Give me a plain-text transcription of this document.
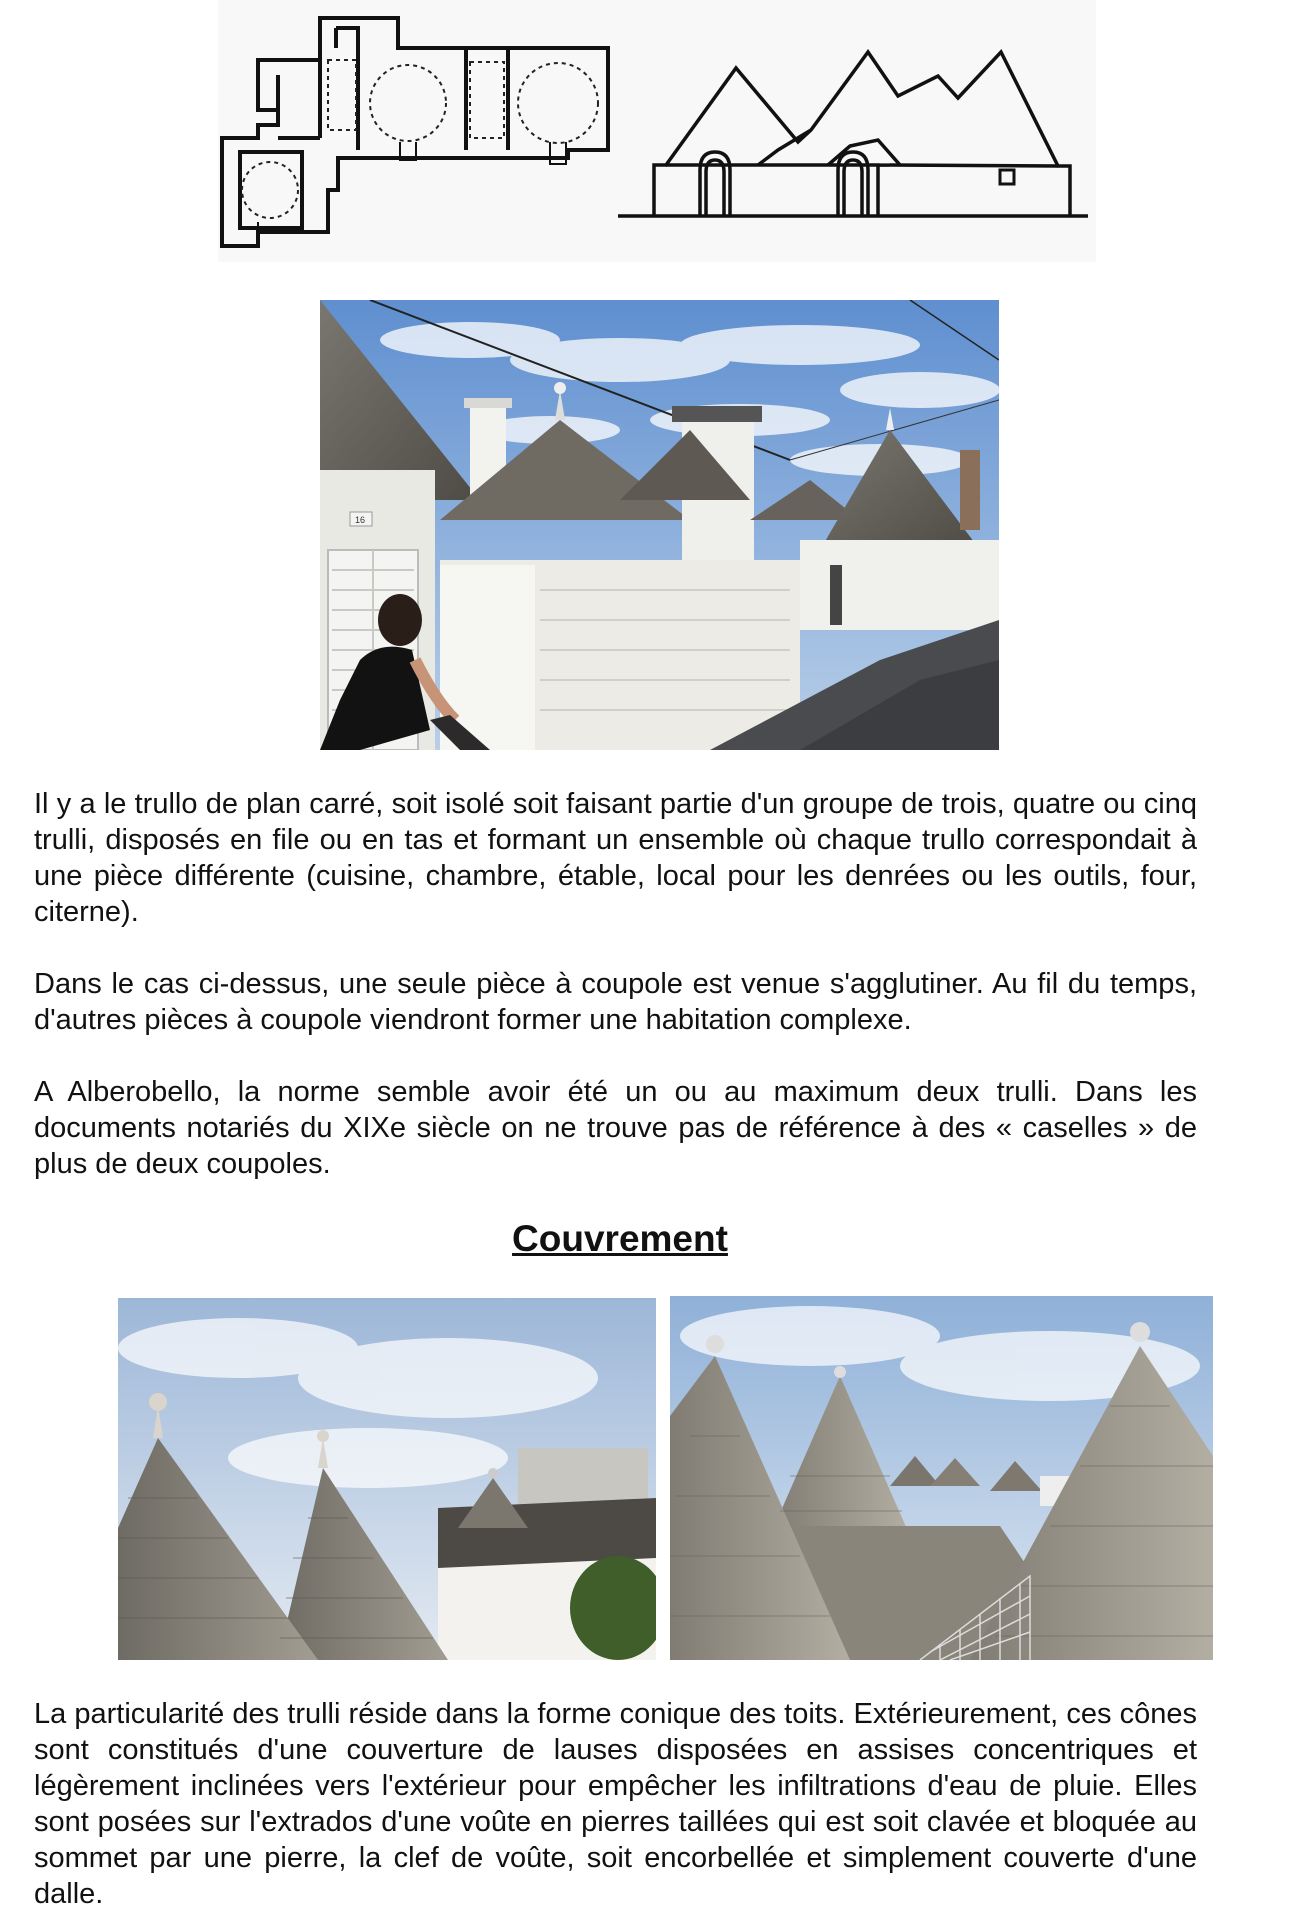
16

Il y a le trullo de plan carré, soit isolé soit faisant partie d'un groupe de trois, quatre ou cinq trulli, disposés en file ou en tas et formant un ensemble où chaque trullo correspondait à une pièce différente (cuisine, chambre, étable, local pour les denrées ou les outils, four, citerne).

Dans le cas ci-dessus, une seule pièce à coupole est venue s'agglutiner. Au fil du temps, d'autres pièces à coupole viendront former une habitation complexe.

A Alberobello, la norme semble avoir été un ou au maximum deux trulli. Dans les documents notariés du XIXe siècle on ne trouve pas de référence à des « caselles » de plus de deux coupoles.

Couvrement

La particularité des trulli réside dans la forme conique des toits. Extérieurement, ces cônes sont constitués d'une couverture de lauses disposées en assises concentriques et légèrement inclinées vers l'extérieur pour empêcher les infiltrations d'eau de pluie. Elles sont posées sur l'extrados d'une voûte en pierres taillées qui est soit clavée et bloquée au sommet par une pierre, la clef de voûte, soit encorbellée et simplement couverte d'une dalle.
